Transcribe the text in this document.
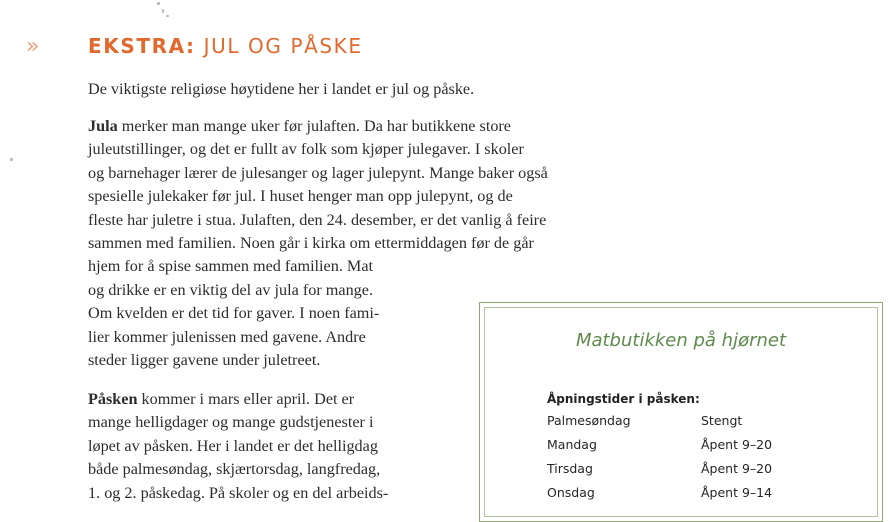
»	EKSTRA: JUL OG PÅSKE
De viktigste religiøse høytidene her i landet er jul og påske.
Jula merker man mange uker før julaften. Da har butikkene store
juleutstillinger, og det er fullt av folk som kjøper julegaver. I skoler
og barnehager lærer de julesanger og lager julepynt. Mange baker også
spesielle julekaker før jul. I huset henger man opp julepynt, og de
fleste har juletre i stua. Julaften, den 24. desember, er det vanlig å feire
sammen med familien. Noen går i kirka om ettermiddagen før de går
hjem for å spise sammen med familien. Mat
og drikke er en viktig del av jula for mange.
Om kvelden er det tid for gaver. I noen fami-
lier kommer julenissen med gavene. Andre
steder ligger gavene under juletreet.
Påsken kommer i mars eller april. Det er
mange helligdager og mange gudstjenester i
løpet av påsken. Her i landet er det helligdag
både palmesøndag, skjærtorsdag, langfredag,
1. og 2. påskedag. På skoler og en del arbeids-
Matbutikken på hjørnet
Åpningstider i påsken:
Palmesøndag	Stengt
Mandag	Åpent 9–20
Tirsdag	Åpent 9–20
Onsdag	Åpent 9–14
